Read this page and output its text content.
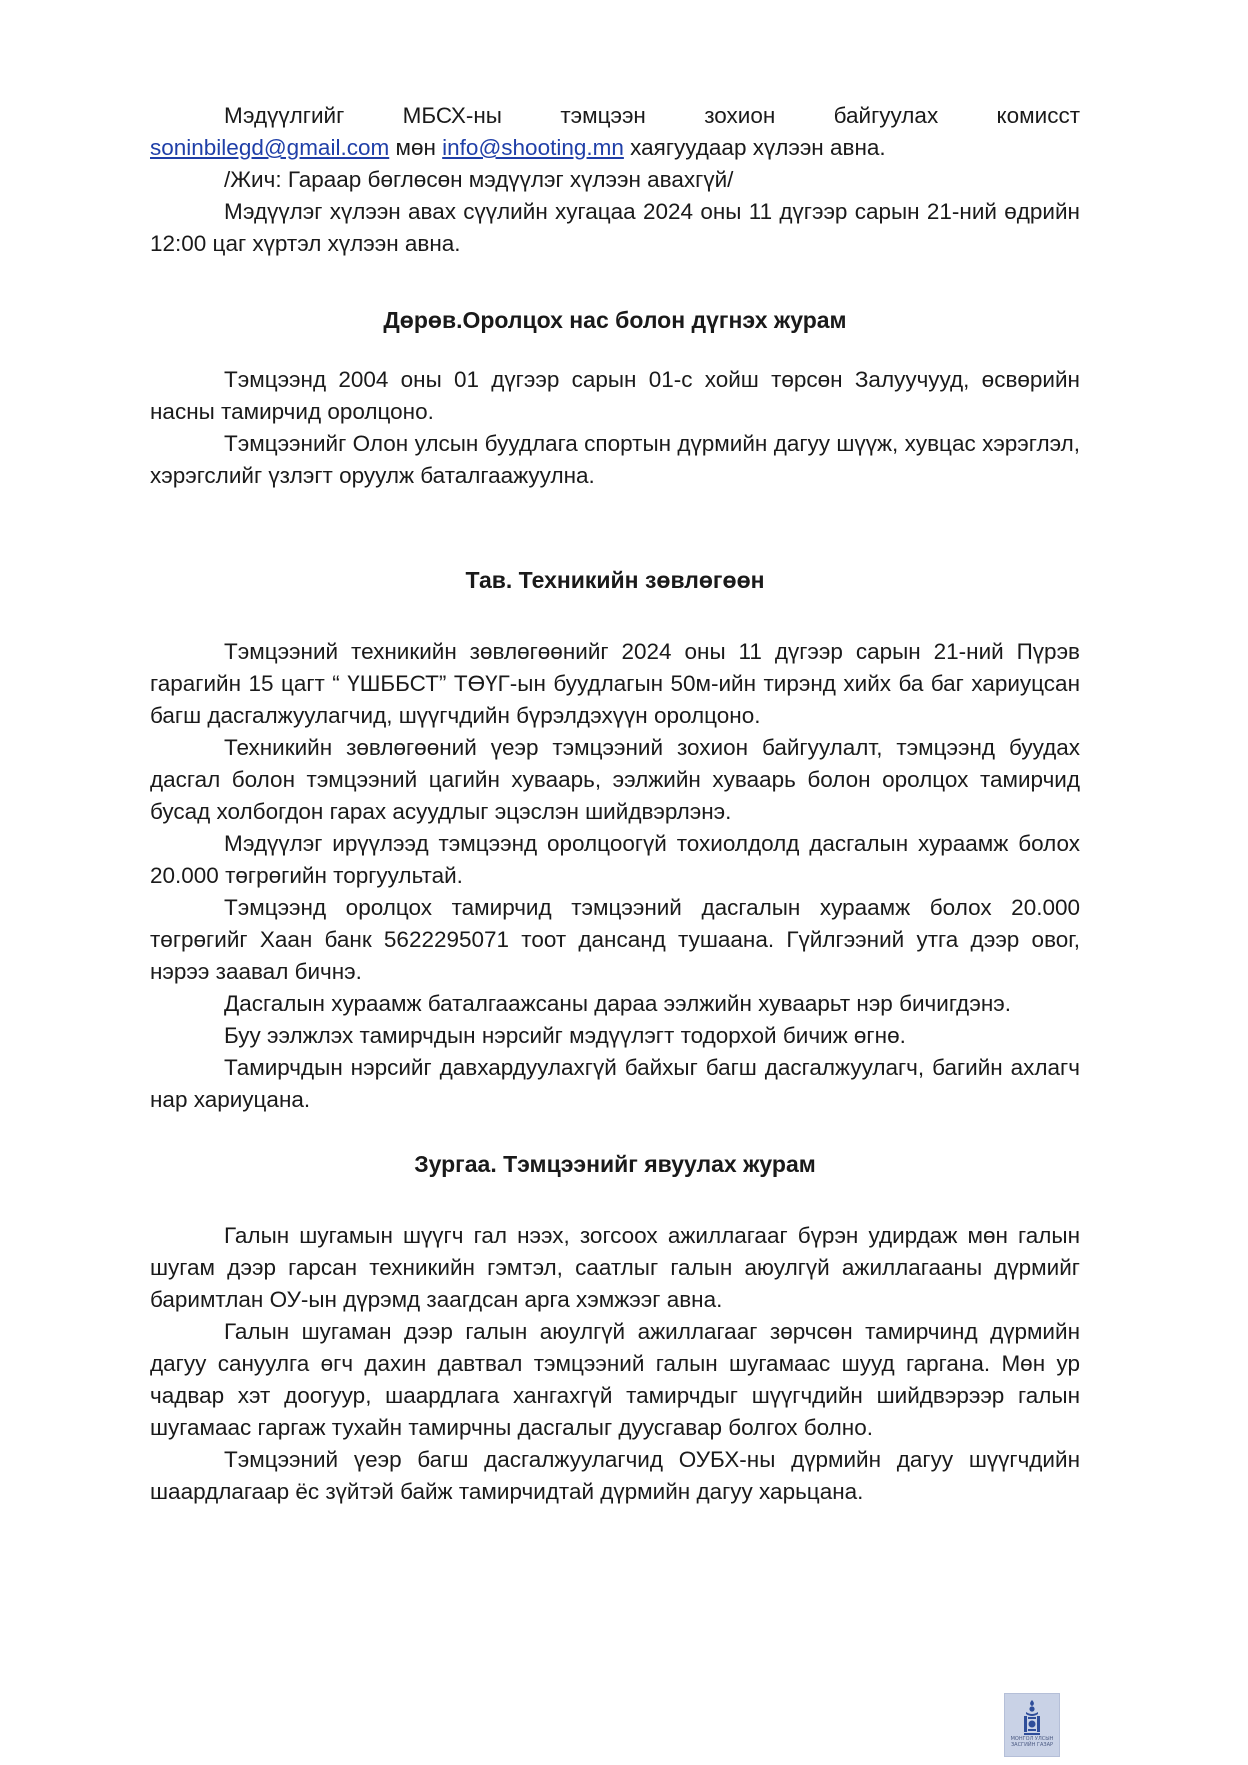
Мэдүүлгийг	МБСХ-ны	тэмцээн	зохион	байгуулах	комисст

soninbilegd@gmail.com мөн info@shooting.mn хаягуудаар хүлээн авна.

/Жич: Гараар бөглөсөн мэдүүлэг хүлээн авахгүй/

Мэдүүлэг хүлээн авах сүүлийн хугацаа 2024 оны 11 дүгээр сарын 21-ний өдрийн 12:00 цаг хүртэл хүлээн авна.

Дөрөв.Оролцох нас болон дүгнэх журам

Тэмцээнд 2004 оны 01 дүгээр сарын 01-с хойш төрсөн Залуучууд, өсвөрийн насны тамирчид оролцоно.

Тэмцээнийг Олон улсын буудлага спортын дүрмийн дагуу шүүж, хувцас хэрэглэл, хэрэгслийг үзлэгт оруулж баталгаажуулна.

Тав. Техникийн зөвлөгөөн

Тэмцээний техникийн зөвлөгөөнийг 2024 оны 11 дүгээр сарын 21-ний Пүрэв гарагийн 15 цагт “ ҮШББСТ” ТӨҮГ-ын буудлагын 50м-ийн тирэнд хийх ба баг хариуцсан багш дасгалжуулагчид, шүүгчдийн бүрэлдэхүүн оролцоно.

Техникийн зөвлөгөөний үеэр тэмцээний зохион байгуулалт, тэмцээнд буудах дасгал болон тэмцээний цагийн хуваарь, ээлжийн хуваарь болон оролцох тамирчид бусад холбогдон гарах асуудлыг эцэслэн шийдвэрлэнэ.

Мэдүүлэг ирүүлээд тэмцээнд оролцоогүй тохиолдолд дасгалын хураамж болох 20.000 төгрөгийн торгуультай.

Тэмцээнд оролцох тамирчид тэмцээний дасгалын хураамж болох 20.000 төгрөгийг Хаан банк 5622295071 тоот дансанд тушаана. Гүйлгээний утга дээр овог, нэрээ заавал бичнэ.

Дасгалын хураамж баталгаажсаны дараа ээлжийн хуваарьт нэр бичигдэнэ.

Буу ээлжлэх тамирчдын нэрсийг мэдүүлэгт тодорхой бичиж өгнө.

Тамирчдын нэрсийг давхардуулахгүй байхыг багш дасгалжуулагч, багийн ахлагч нар хариуцана.

Зургаа. Тэмцээнийг явуулах журам

Галын шугамын шүүгч гал нээх, зогсоох ажиллагааг бүрэн удирдаж мөн галын шугам дээр гарсан техникийн гэмтэл, саатлыг галын аюулгүй ажиллагааны дүрмийг баримтлан ОУ-ын дүрэмд заагдсан арга хэмжээг авна.

Галын шугаман дээр галын аюулгүй ажиллагааг зөрчсөн тамирчинд дүрмийн дагуу сануулга өгч дахин давтвал тэмцээний галын шугамаас шууд гаргана. Мөн ур чадвар хэт доогуур, шаардлага хангахгүй тамирчдыг шүүгчдийн шийдвэрээр галын шугамаас гаргаж тухайн тамирчны дасгалыг дуусгавар болгох болно.

Тэмцээний үеэр багш дасгалжуулагчид ОУБХ-ны дүрмийн дагуу шүүгчдийн шаардлагаар ёс зүйтэй байж тамирчидтай дүрмийн дагуу харьцана.

МОНГОЛ УЛСЫН ЗАСГИЙН ГАЗАР
